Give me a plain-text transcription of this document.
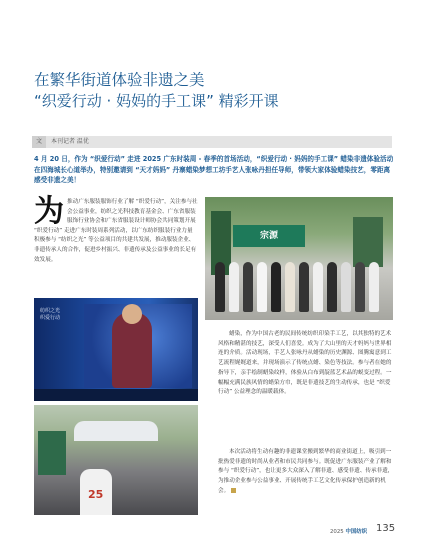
在繁华街道体验非遗之美
“织爱行动 · 妈妈的手工课” 精彩开课
文 本刊记者 温优

4 月 20 日，作为 “织爱行动” 走进 2025 广东时装周 - 春季的首场活动，“织爱行动 · 妈妈的手工课” 蜡染非遗体验活动在四海城长心道举办，特别邀请到 “天才妈妈” 丹寨蜡染梦想工坊手艺人张咏丹担任导师，带领大家体验蜡染技艺，零距离感受非遗之美！

为 推动广东服装服饰行业了解 “织爱行动”，关注参与社会公益事业，纺织之光科技教育基金会、广东省服装服饰行业协会和广东省服装设计师协会共同策划开展 “织爱行动” 走进广东时装周系列活动，以广东纺织服装行业力量积极参与 “纺织之光” 等公益项目的共建共发展，推动服装企业、非遗传承人的合作，促进乡村振兴、非遗传承及公益事业的长足有效发展。

宗源
纺织之光
织爱行动
25

蜡染，作为中国古老的民间传统纺织印染手工艺，以其独特的艺术风格和精湛的技艺，深受人们喜爱。成为了大山里的天才妈妈与世界相连的介质。活动现场，手艺人张咏丹从蜡染的历史渊源、图腾寓意到工艺流程娓娓道来，并现场演示了传统点蜡、染色等技法。参与者在她的指导下，亲手绘制蜡染纹样，体验从白布到靛蓝艺术品的蜕变过程。一幅幅充满民族风情的蜡染方巾，既是非遗技艺的生动传承，也是 “织爱行动” 公益理念的温暖载体。

本次活动将生动有趣的非遗课堂搬到繁华的商业街道上，吸引到一批热爱非遗的时尚从业者和市民共同参与。既促进广东服装产业了解和参与 “织爱行动”，也让更多大众深入了解非遗、感受非遗、传承非遗，为推动企业参与公益事业、开展传统手工艺文化传承保护创造新的机会。

2025 中国纺织 135
